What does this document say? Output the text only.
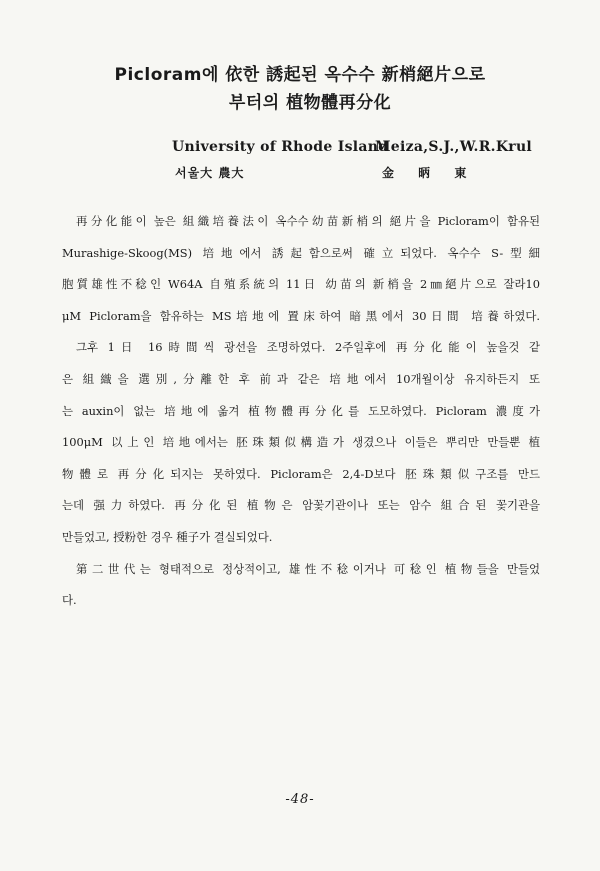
Picloram에 依한 誘起된 옥수수 新梢絕片으로
부터의 植物體再分化
University of Rhode Island
Meiza,S.J.,W.R.Krul
서울大 農大	金 昞 東
再分化能이 높은 組織培養法이 옥수수幼苗新梢의 絕片을 Picloram이 함유된
Murashige-Skoog(MS) 培地에서 誘起함으로써 確立되었다. 옥수수 S-型細
胞質雄性不稔인 W64A 自殖系統의 11日 幼苗의 新梢을 2㎜絕片으로 잘라10
μM Picloram을 함유하는 MS培地에 置床하여 暗黑에서 30日間 培養하였다.
그후 1日 16時間씩 광선을 조명하였다. 2주일후에 再分化能이 높을것 같
은 組織을 選別,分離한 후 前과 같은 培地에서 10개월이상 유지하든지 또
는 auxin이 없는 培地에 옮겨 植物體再分化를 도모하였다. Picloram 濃度가
100μM 以上인 培地에서는 胚珠類似構造가 생겼으나 이들은 뿌리만 만들뿐 植
物體로 再分化되지는 못하였다. Picloram은 2,4-D보다 胚珠類似구조를 만드
는데 强力하였다. 再分化된 植物은 암꽃기관이나 또는 암수 組合된 꽃기관을
만들었고, 授粉한 경우 種子가 결실되었다.
第二世代는 형태적으로 정상적이고, 雄性不稔이거나 可稔인 植物들을 만들었
다.
-48-
